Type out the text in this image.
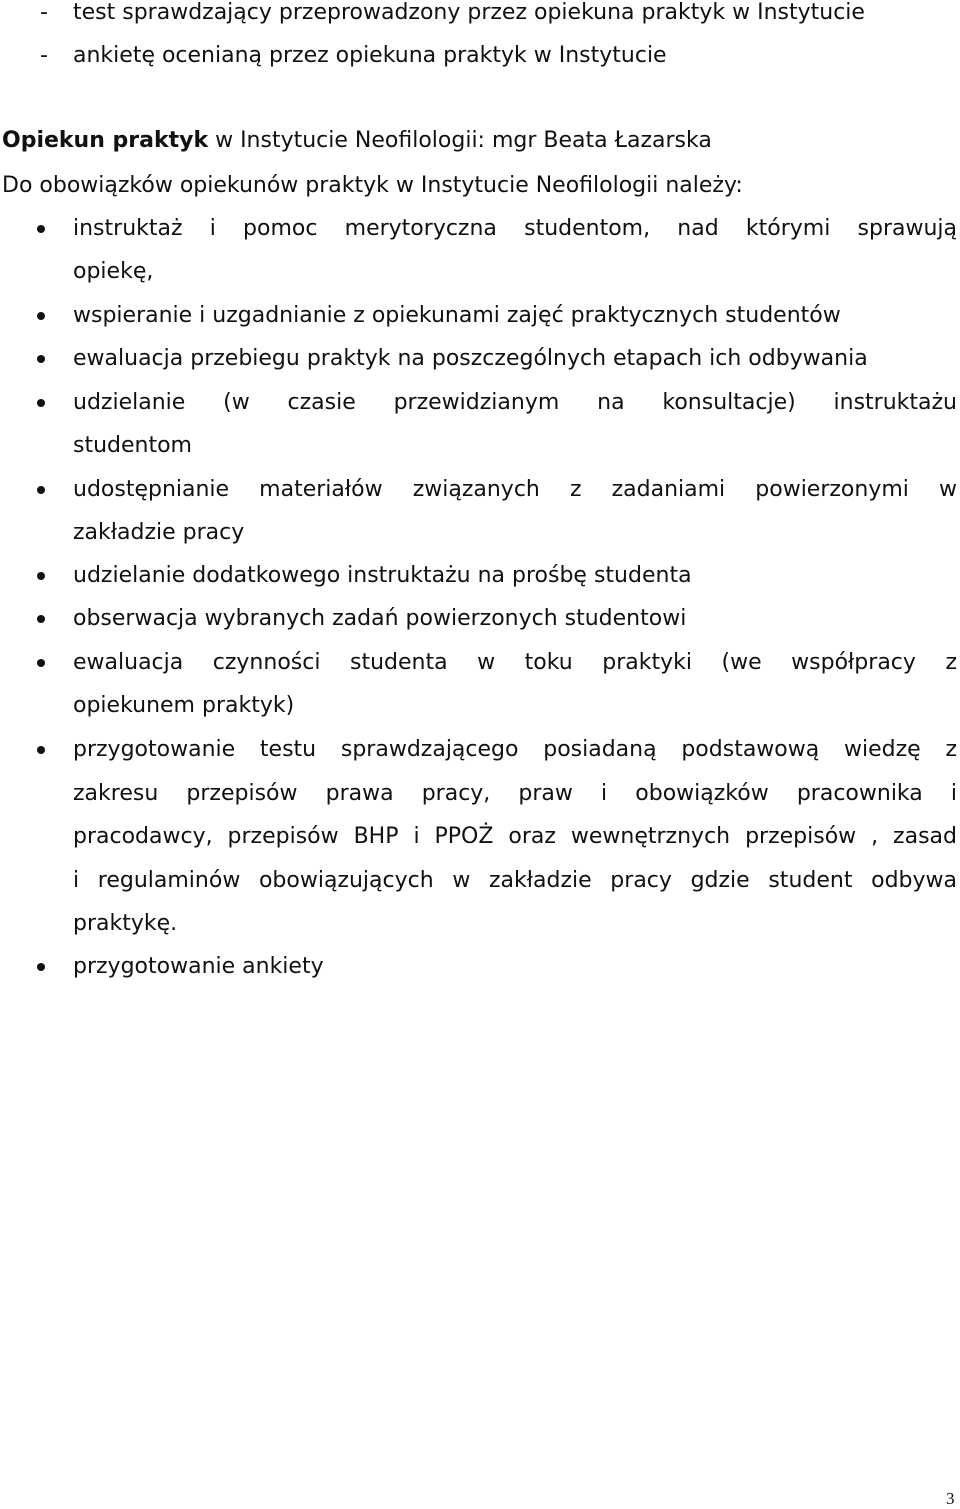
- test sprawdzający przeprowadzony przez opiekuna praktyk w Instytucie
- ankietę ocenianą przez opiekuna praktyk w Instytucie
Opiekun praktyk w Instytucie Neofilologii: mgr Beata Łazarska
Do obowiązków opiekunów praktyk w Instytucie Neofilologii należy:
instruktaż i pomoc merytoryczna studentom, nad którymi sprawują
opiekę,
wspieranie i uzgadnianie z opiekunami zajęć praktycznych studentów
ewaluacja przebiegu praktyk na poszczególnych etapach ich odbywania
udzielanie (w czasie przewidzianym na konsultacje) instruktażu
studentom
udostępnianie materiałów związanych z zadaniami powierzonymi w
zakładzie pracy
udzielanie dodatkowego instruktażu na prośbę studenta
obserwacja wybranych zadań powierzonych studentowi
ewaluacja czynności studenta w toku praktyki (we współpracy z
opiekunem praktyk)
przygotowanie testu sprawdzającego posiadaną podstawową wiedzę z
zakresu przepisów prawa pracy, praw i obowiązków pracownika i
pracodawcy, przepisów BHP i PPOŻ oraz wewnętrznych przepisów , zasad
i regulaminów obowiązujących w zakładzie pracy gdzie student odbywa
praktykę.
przygotowanie ankiety
3
